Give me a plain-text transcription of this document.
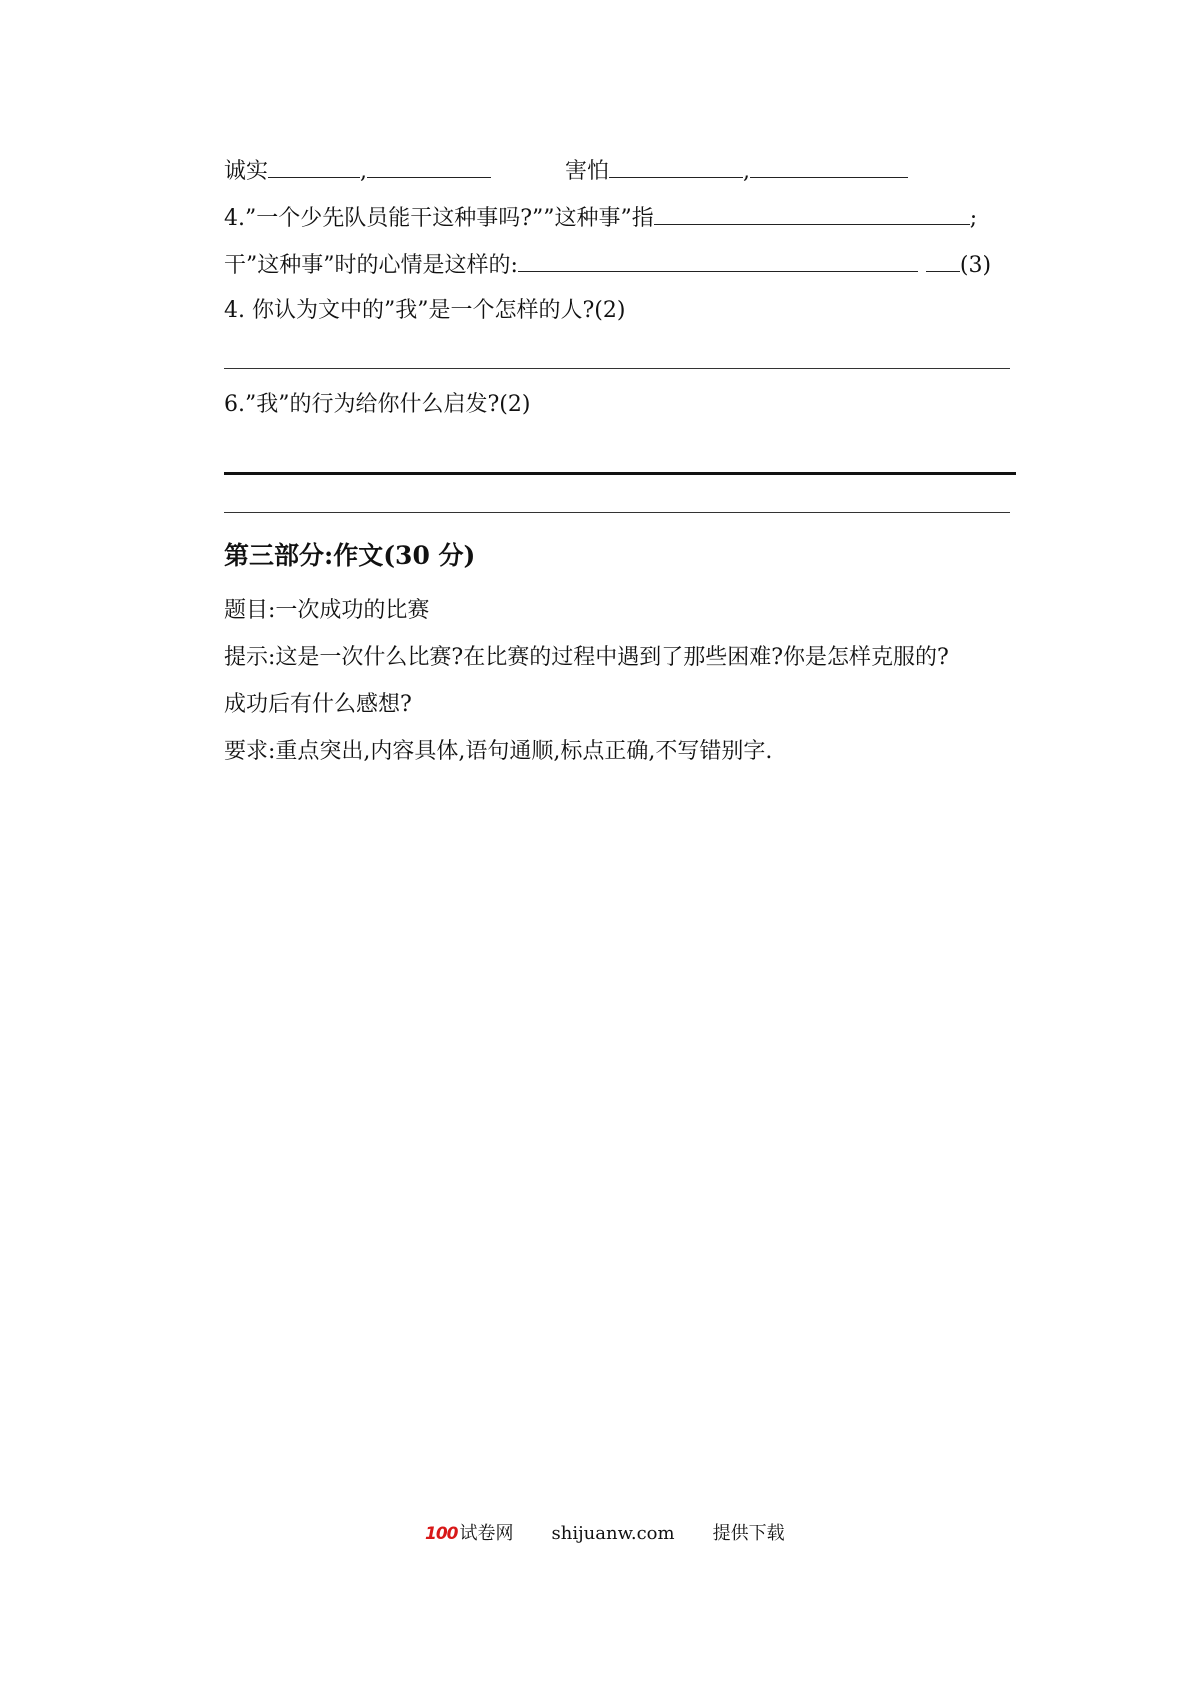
诚实	,	害怕	,
4.”一个少先队员能干这种事吗?””这种事”指	;
干”这种事”时的心情是这样的:	(3)
4. 你认为文中的”我”是一个怎样的人?(2)
6.”我”的行为给你什么启发?(2)
第三部分:作文(30 分)
题目:一次成功的比赛
提示:这是一次什么比赛?在比赛的过程中遇到了那些困难?你是怎样克服的?
成功后有什么感想?
要求:重点突出,内容具体,语句通顺,标点正确,不写错别字.
100 试卷网 shijuanw.com 提供下载
